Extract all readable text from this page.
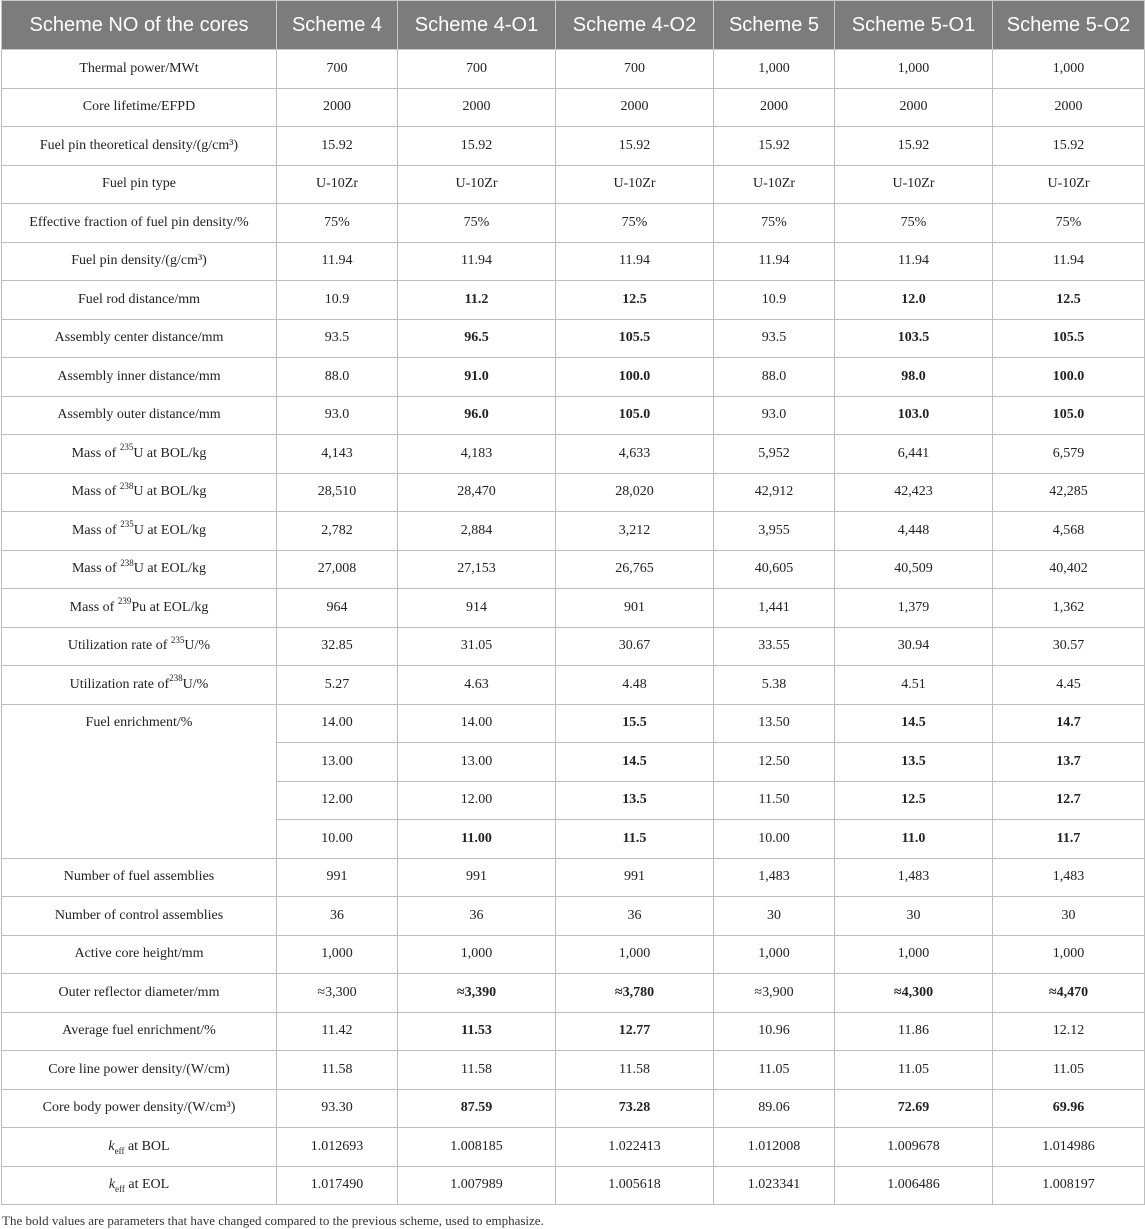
Scheme NO of the cores	Scheme 4	Scheme 4-O1	Scheme 4-O2	Scheme 5	Scheme 5-O1	Scheme 5-O2
Thermal power/MWt	700	700	700	1,000	1,000	1,000
Core lifetime/EFPD	2000	2000	2000	2000	2000	2000
Fuel pin theoretical density/(g/cm³)	15.92	15.92	15.92	15.92	15.92	15.92
Fuel pin type	U-10Zr	U-10Zr	U-10Zr	U-10Zr	U-10Zr	U-10Zr
Effective fraction of fuel pin density/%	75%	75%	75%	75%	75%	75%
Fuel pin density/(g/cm³)	11.94	11.94	11.94	11.94	11.94	11.94
Fuel rod distance/mm	10.9	11.2	12.5	10.9	12.0	12.5
Assembly center distance/mm	93.5	96.5	105.5	93.5	103.5	105.5
Assembly inner distance/mm	88.0	91.0	100.0	88.0	98.0	100.0
Assembly outer distance/mm	93.0	96.0	105.0	93.0	103.0	105.0
Mass of $^{235}$U at BOL/kg	4,143	4,183	4,633	5,952	6,441	6,579
Mass of $^{238}$U at BOL/kg	28,510	28,470	28,020	42,912	42,423	42,285
Mass of $^{235}$U at EOL/kg	2,782	2,884	3,212	3,955	4,448	4,568
Mass of $^{238}$U at EOL/kg	27,008	27,153	26,765	40,605	40,509	40,402
Mass of $^{239}$Pu at EOL/kg	964	914	901	1,441	1,379	1,362
Utilization rate of $^{235}$U/%	32.85	31.05	30.67	33.55	30.94	30.57
Utilization rate $of^{238}U/\%$	5.27	4.63	4.48	5.38	4.51	4.45
Fuel enrichment/%	14.00	14.00	15.5	13.50	14.5	14.7
	13.00	13.00	14.5	12.50	13.5	13.7
	12.00	12.00	13.5	11.50	12.5	12.7
	10.00	11.00	11.5	10.00	11.0	11.7
Number of fuel assemblies	991	991	991	1,483	1,483	1,483
Number of control assemblies	36	36	36	30	30	30
Active core height/mm	1,000	1,000	1,000	1,000	1,000	1,000
Outer reflector diameter/mm	≈3,300	≈3,390	≈3,780	≈3,900	≈4,300	≈4,470
Average fuel enrichment/%	11.42	11.53	12.77	10.96	11.86	12.12
Core line power density/(W/cm)	11.58	11.58	11.58	11.05	11.05	11.05
Core body power density/(W/cm³)	93.30	87.59	73.28	89.06	72.69	69.96
$k_{eff}$ at BOL	1.012693	1.008185	1.022413	1.012008	1.009678	1.014986
$k_{eff}$ at EOL	1.017490	1.007989	1.005618	1.023341	1.006486	1.008197
The bold values are parameters that have changed compared to the previous scheme, used to emphasize.
